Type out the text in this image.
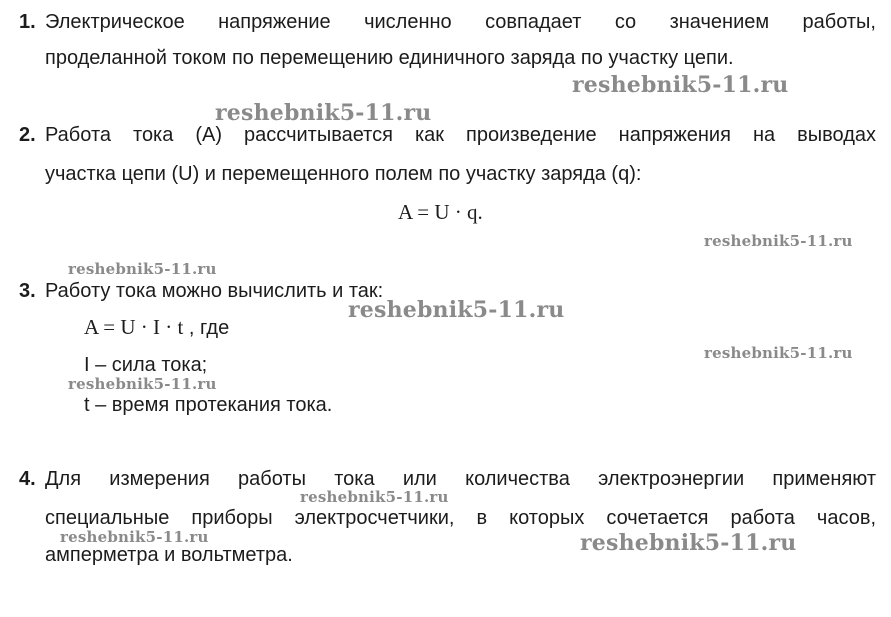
1. Электрическое напряжение численно совпадает со значением работы,
проделанной током по перемещению единичного заряда по участку цепи.
2. Работа тока (A) рассчитывается как произведение напряжения на выводах
участка цепи (U) и перемещенного полем по участку заряда (q):
A = U · q.
3. Работу тока можно вычислить и так:
A = U · I · t , где
I – сила тока;
t – время протекания тока.
4. Для измерения работы тока или количества электроэнергии применяют
специальные приборы электросчетчики, в которых сочетается работа часов,
амперметра и вольтметра.
reshebnik5-11.ru
reshebnik5-11.ru
reshebnik5-11.ru
reshebnik5-11.ru
reshebnik5-11.ru
reshebnik5-11.ru
reshebnik5-11.ru
reshebnik5-11.ru
reshebnik5-11.ru	reshebnik5-11.ru
